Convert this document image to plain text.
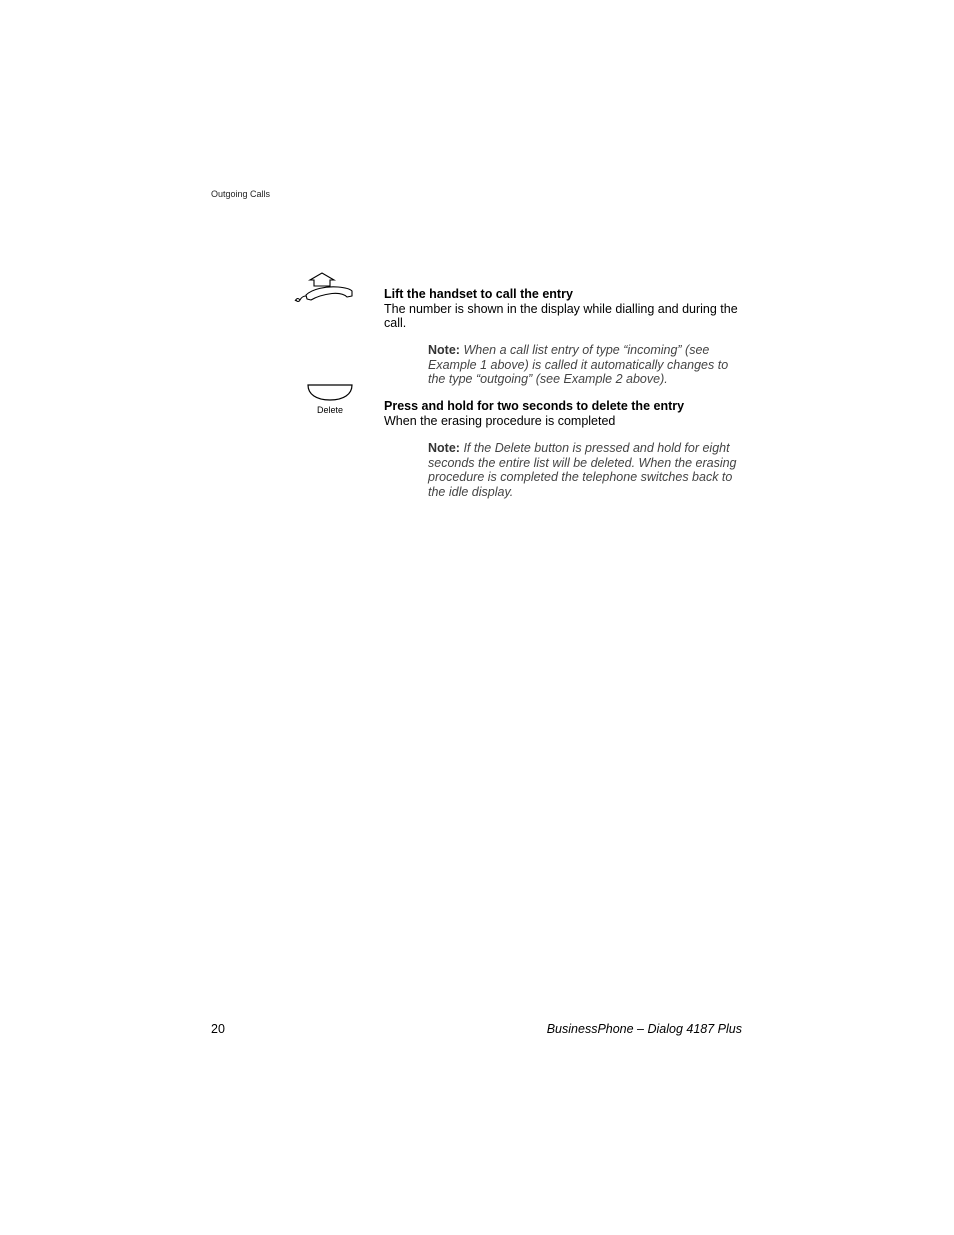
Outgoing Calls
Lift the handset to call the entry
The number is shown in the display while dialling and during the call.
Note: When a call list entry of type “incoming” (see Example 1 above) is called it automatically changes to the type “outgoing” (see Example 2 above).
Delete	Press and hold for two seconds to delete the entry
When the erasing procedure is completed
Note: If the Delete button is pressed and hold for eight seconds the entire list will be deleted. When the erasing procedure is completed the telephone switches back to the idle display.
20	BusinessPhone – Dialog 4187 Plus
